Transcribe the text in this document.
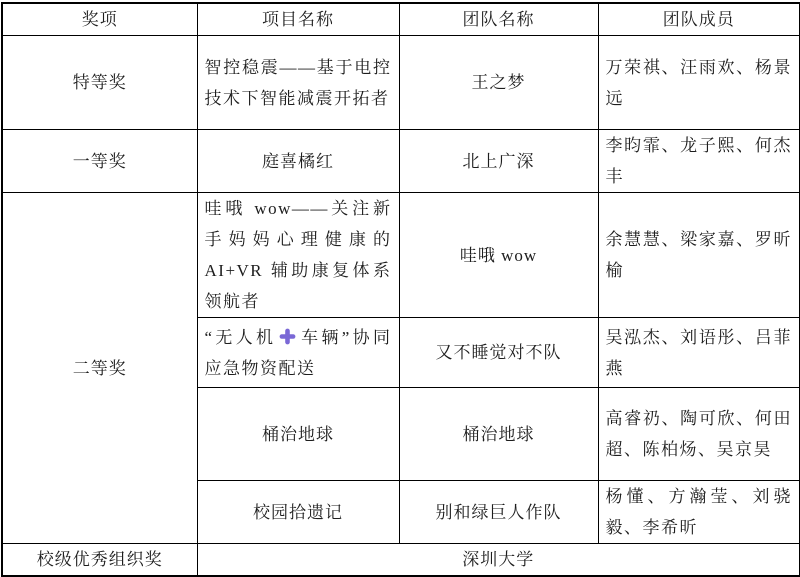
奖项	项目名称	团队名称	团队成员
特等奖	智控稳震——基于电控技术下智能减震开拓者	王之梦	万荣祺、汪雨欢、杨景远
一等奖	庭喜橘红	北上广深	李昀霏、龙子熙、何杰丰
二等奖	哇哦 wow——关注新手妈妈心理健康的 AI+VR 辅助康复体系领航者	哇哦 wow	余慧慧、梁家嘉、罗昕榆
	“无人机 车辆”协同应急物资配送	又不睡觉对不队	吴泓杰、刘语彤、吕菲燕
	桶治地球	桶治地球	高睿礽、陶可欣、何田超、陈柏炀、吴京昊
	校园拾遗记	别和绿巨人作队	杨懂、方瀚莹、刘骁毅、李希昕
校级优秀组织奖	深圳大学		
